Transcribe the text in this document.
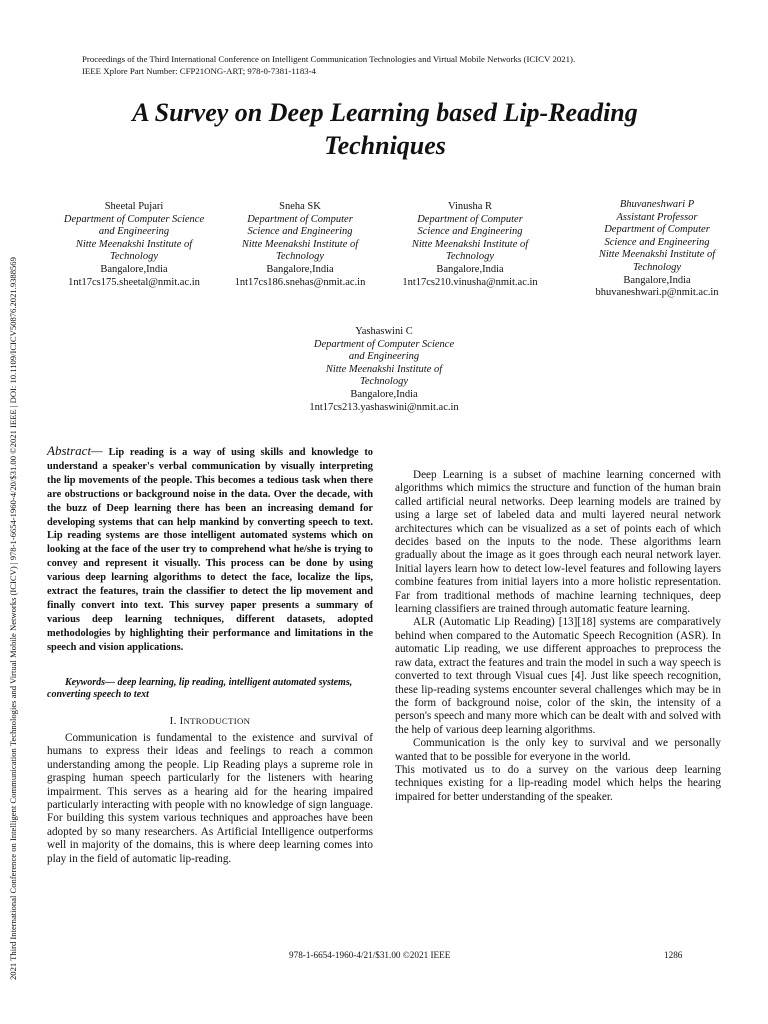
2021 Third International Conference on Intelligent Communication Technologies and Virtual Mobile Networks (ICICV) | 978-1-6654-1960-4/20/$31.00 ©2021 IEEE | DOI: 10.1109/ICICV50876.2021.9388569
Proceedings of the Third International Conference on Intelligent Communication Technologies and Virtual Mobile Networks (ICICV 2021).
IEEE Xplore Part Number: CFP21ONG-ART; 978-0-7381-1183-4
A Survey on Deep Learning based Lip-Reading
Techniques
Sheetal Pujari
Department of Computer Science
and Engineering
Nitte Meenakshi Institute of
Technology
Bangalore,India
1nt17cs175.sheetal@nmit.ac.in
Sneha SK
Department of Computer
Science and Engineering
Nitte Meenakshi Institute of
Technology
Bangalore,India
1nt17cs186.snehas@nmit.ac.in
Vinusha R
Department of Computer
Science and Engineering
Nitte Meenakshi Institute of
Technology
Bangalore,India
1nt17cs210.vinusha@nmit.ac.in
Bhuvaneshwari P
Assistant Professor
Department of Computer
Science and Engineering
Nitte Meenakshi Institute of
Technology
Bangalore,India
bhuvaneshwari.p@nmit.ac.in
Yashaswini C
Department of Computer Science
and Engineering
Nitte Meenakshi Institute of
Technology
Bangalore,India
1nt17cs213.yashaswini@nmit.ac.in

Abstract— Lip reading is a way of using skills and knowledge to understand a speaker's verbal communication by visually interpreting the lip movements of the people. This becomes a tedious task when there are obstructions or background noise in the data. Over the decade, with the buzz of Deep learning there has been an increasing demand for developing systems that can help mankind by converting speech to text. Lip reading systems are those intelligent automated systems which on looking at the face of the user try to comprehend what he/she is trying to convey and represent it visually. This process can be done by using various deep learning algorithms to detect the face, localize the lips, extract the features, train the classifier to detect the lip movement and finally convert into text. This survey paper presents a summary of various deep learning techniques, different datasets, adopted methodologies by highlighting their performance and limitations in the speech and vision applications.

Keywords— deep learning, lip reading, intelligent automated systems, converting speech to text

I. INTRODUCTION

Communication is fundamental to the existence and survival of humans to express their ideas and feelings to reach a common understanding among the people. Lip Reading plays a supreme role in grasping human speech particularly for the listeners with hearing impairment. This serves as a hearing aid for the hearing impaired particularly interacting with people with no knowledge of sign language. For building this system various techniques and approaches have been adopted by so many researchers. As Artificial Intelligence outperforms well in majority of the domains, this is where deep learning comes into play in the field of automatic lip-reading.

Deep Learning is a subset of machine learning concerned with algorithms which mimics the structure and function of the human brain called artificial neural networks. Deep learning models are trained by using a large set of labeled data and multi layered neural network architectures which can be visualized as a set of points each of which decides based on the inputs to the node. These algorithms learn gradually about the image as it goes through each neural network layer. Initial layers learn how to detect low-level features and following layers combine features from initial layers into a more holistic representation. Far from traditional methods of machine learning techniques, deep learning classifiers are trained through automatic feature learning.

ALR (Automatic Lip Reading) [13][18] systems are comparatively behind when compared to the Automatic Speech Recognition (ASR). In automatic Lip reading, we use different approaches to preprocess the raw data, extract the features and train the model in such a way speech is converted to text through Visual cues [4]. Just like speech recognition, these lip-reading systems encounter several challenges which may be in the form of background noise, color of the skin, the intensity of a person's speech and many more which can be dealt with and solved with the help of various deep learning algorithms.

Communication is the only key to survival and we personally wanted that to be possible for everyone in the world.

This motivated us to do a survey on the various deep learning techniques existing for a lip-reading model which helps the hearing impaired for better understanding of the speaker.

978-1-6654-1960-4/21/$31.00 ©2021 IEEE	1286
